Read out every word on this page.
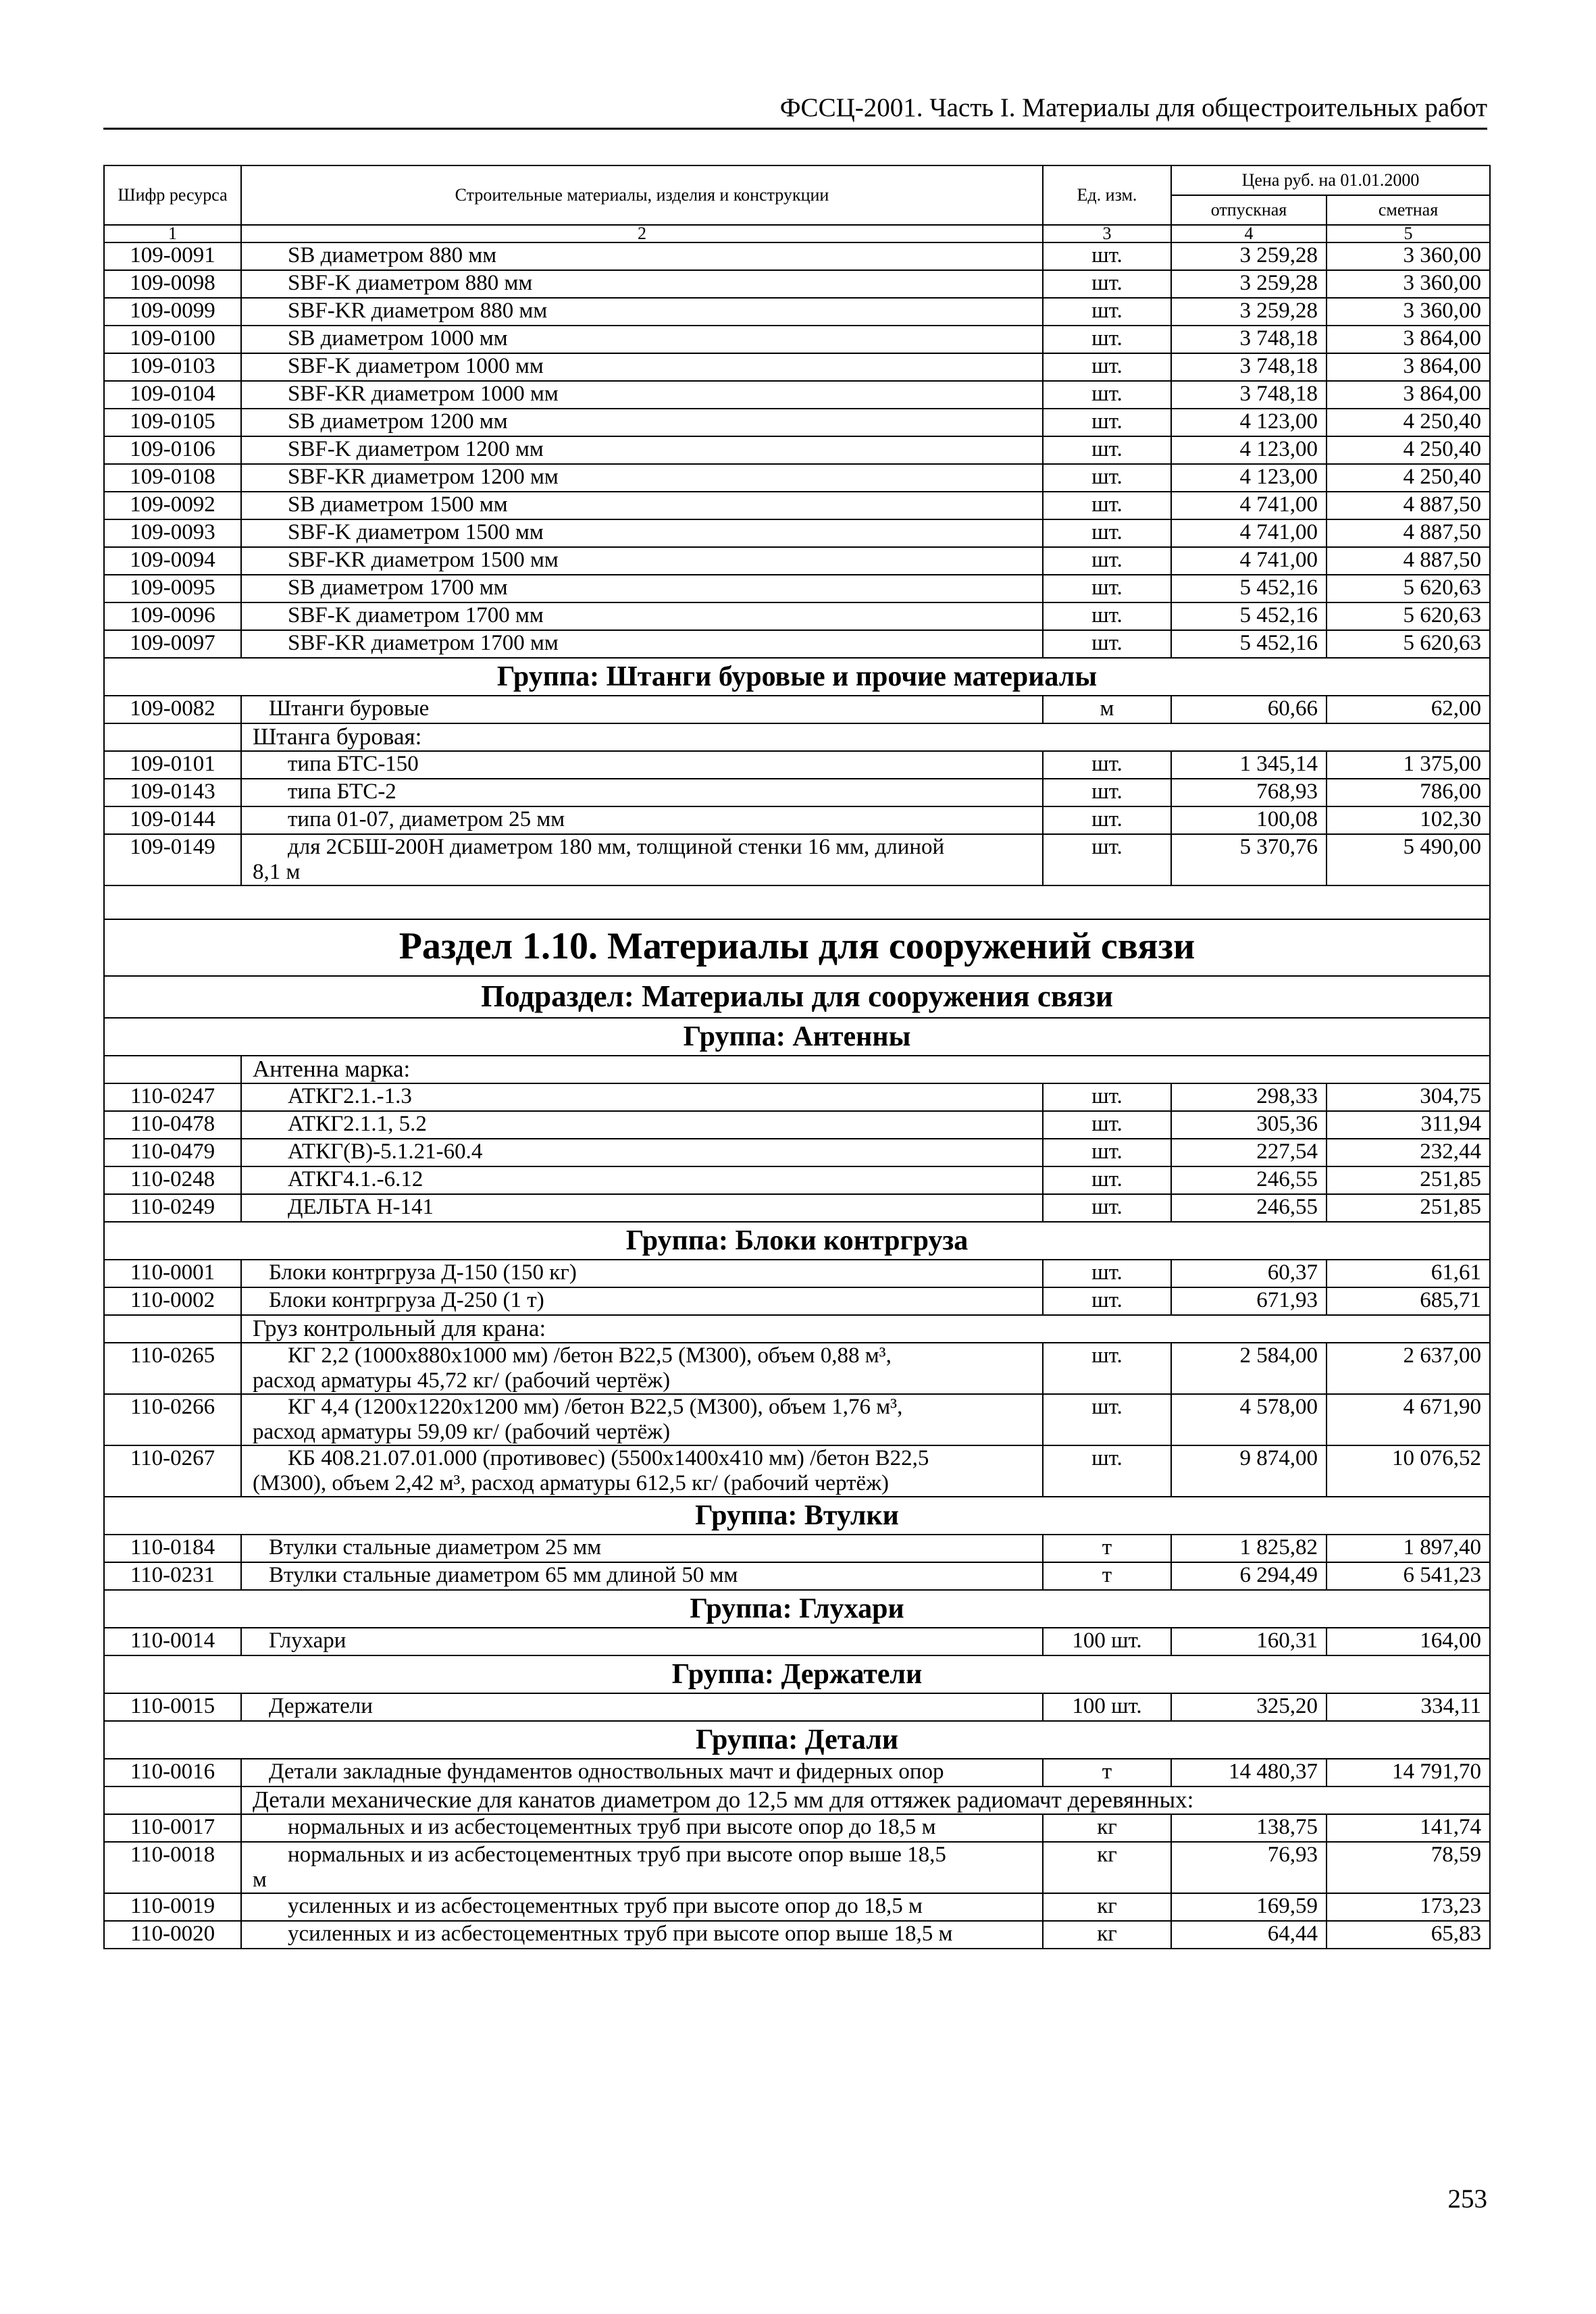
ФССЦ-2001. Часть I. Материалы для общестроительных работ
Шифр ресурса	Строительные материалы, изделия и конструкции	Ед. изм.	Цена руб. на 01.01.2000	
			отпускная	сметная
1	2	3	4	5
109-0091	SB диаметром 880 мм	шт.	3 259,28	3 360,00
109-0098	SBF-K диаметром 880 мм	шт.	3 259,28	3 360,00
109-0099	SBF-KR диаметром 880 мм	шт.	3 259,28	3 360,00
109-0100	SB диаметром 1000 мм	шт.	3 748,18	3 864,00
109-0103	SBF-K диаметром 1000 мм	шт.	3 748,18	3 864,00
109-0104	SBF-KR диаметром 1000 мм	шт.	3 748,18	3 864,00
109-0105	SB диаметром 1200 мм	шт.	4 123,00	4 250,40
109-0106	SBF-K диаметром 1200 мм	шт.	4 123,00	4 250,40
109-0108	SBF-KR диаметром 1200 мм	шт.	4 123,00	4 250,40
109-0092	SB диаметром 1500 мм	шт.	4 741,00	4 887,50
109-0093	SBF-K диаметром 1500 мм	шт.	4 741,00	4 887,50
109-0094	SBF-KR диаметром 1500 мм	шт.	4 741,00	4 887,50
109-0095	SB диаметром 1700 мм	шт.	5 452,16	5 620,63
109-0096	SBF-K диаметром 1700 мм	шт.	5 452,16	5 620,63
109-0097	SBF-KR диаметром 1700 мм	шт.	5 452,16	5 620,63
Группа: Штанги буровые и прочие материалы				
109-0082	Штанги буровые	м	60,66	62,00
	Штанга буровая:			
109-0101	типа БТС-150	шт.	1 345,14	1 375,00
109-0143	типа БТС-2	шт.	768,93	786,00
109-0144	типа 01-07, диаметром 25 мм	шт.	100,08	102,30
109-0149	для 2СБШ-200Н диаметром 180 мм, толщиной стенки 16 мм, длиной
8,1 м	шт.	5 370,76	5 490,00

Раздел 1.10. Материалы для сооружений связи				
Подраздел: Материалы для сооружения связи				
Группа: Антенны				
	Антенна марка:			
110-0247	АТКГ2.1.-1.3	шт.	298,33	304,75
110-0478	АТКГ2.1.1, 5.2	шт.	305,36	311,94
110-0479	АТКГ(В)-5.1.21-60.4	шт.	227,54	232,44
110-0248	АТКГ4.1.-6.12	шт.	246,55	251,85
110-0249	ДЕЛЬТА Н-141	шт.	246,55	251,85
Группа: Блоки контргруза				
110-0001	Блоки контргруза Д-150 (150 кг)	шт.	60,37	61,61
110-0002	Блоки контргруза Д-250 (1 т)	шт.	671,93	685,71
	Груз контрольный для крана:			
110-0265	КГ 2,2 (1000х880х1000 мм) /бетон В22,5 (М300), объем 0,88 м³,
расход арматуры 45,72 кг/ (рабочий чертёж)	шт.	2 584,00	2 637,00
110-0266	КГ 4,4 (1200х1220х1200 мм) /бетон В22,5 (М300), объем 1,76 м³,
расход арматуры 59,09 кг/ (рабочий чертёж)	шт.	4 578,00	4 671,90
110-0267	КБ 408.21.07.01.000 (противовес) (5500х1400х410 мм) /бетон В22,5
(М300), объем 2,42 м³, расход арматуры 612,5 кг/ (рабочий чертёж)	шт.	9 874,00	10 076,52
Группа: Втулки				
110-0184	Втулки стальные диаметром 25 мм	т	1 825,82	1 897,40
110-0231	Втулки стальные диаметром 65 мм длиной 50 мм	т	6 294,49	6 541,23
Группа: Глухари				
110-0014	Глухари	100 шт.	160,31	164,00
Группа: Держатели				
110-0015	Держатели	100 шт.	325,20	334,11
Группа: Детали				
110-0016	Детали закладные фундаментов одноствольных мачт и фидерных опор	т	14 480,37	14 791,70
	Детали механические для канатов диаметром до 12,5 мм для оттяжек радиомачт деревянных:			
110-0017	нормальных и из асбестоцементных труб при высоте опор до 18,5 м	кг	138,75	141,74
110-0018	нормальных и из асбестоцементных труб при высоте опор выше 18,5
м	кг	76,93	78,59
110-0019	усиленных и из асбестоцементных труб при высоте опор до 18,5 м	кг	169,59	173,23
110-0020	усиленных и из асбестоцементных труб при высоте опор выше 18,5 м	кг	64,44	65,83
253
